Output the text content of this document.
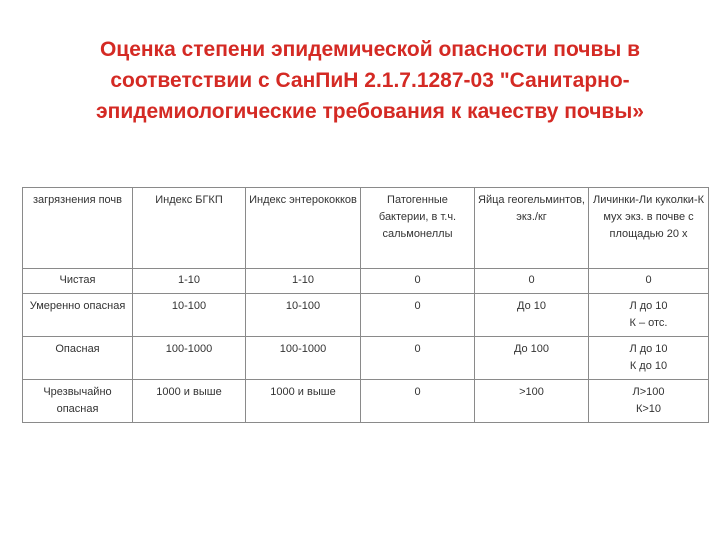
Оценка степени эпидемической опасности почвы в
соответствии с СанПиН 2.1.7.1287-03 "Санитарно-
эпидемиологические требования к качеству почвы»
загрязнения почв	Индекс БГКП	Индекс энтерококков	Патогенные бактерии, в т.ч. сальмонеллы	Яйца геогельминтов, экз./кг	Личинки-Ли куколки-К мух экз. в почве с площадью 20 х
Чистая	1-10	1-10	0	0	0
Умеренно опасная	10-100	10-100	0	До 10	Л до 10
К – отс.
Опасная	100-1000	100-1000	0	До 100	Л до 10
К до 10
Чрезвычайно опасная	1000 и выше	1000 и выше	0	>100	Л>100
К>10
